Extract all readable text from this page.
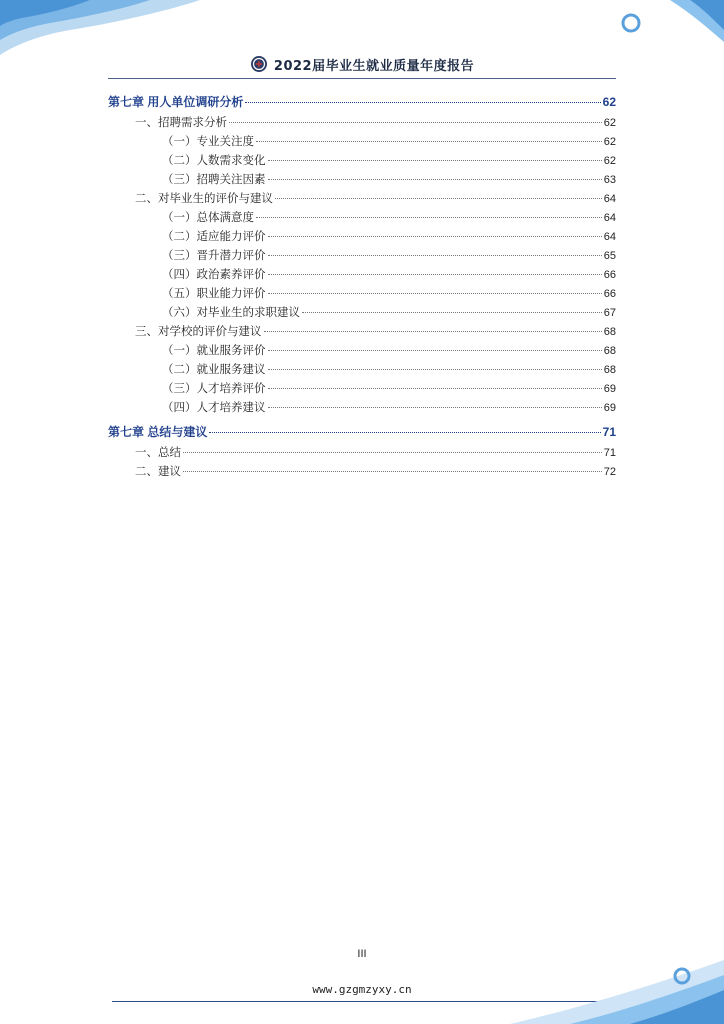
2022届毕业生就业质量年度报告
第七章 用人单位调研分析	62
一、招聘需求分析	62
（一）专业关注度	62
（二）人数需求变化	62
（三）招聘关注因素	63
二、对毕业生的评价与建议	64
（一）总体满意度	64
（二）适应能力评价	64
（三）晋升潜力评价	65
（四）政治素养评价	66
（五）职业能力评价	66
（六）对毕业生的求职建议	67
三、对学校的评价与建议	68
（一）就业服务评价	68
（二）就业服务建议	68
（三）人才培养评价	69
（四）人才培养建议	69
第七章 总结与建议	71
一、总结	71
二、建议	72
III
www.gzgmzyxy.cn
